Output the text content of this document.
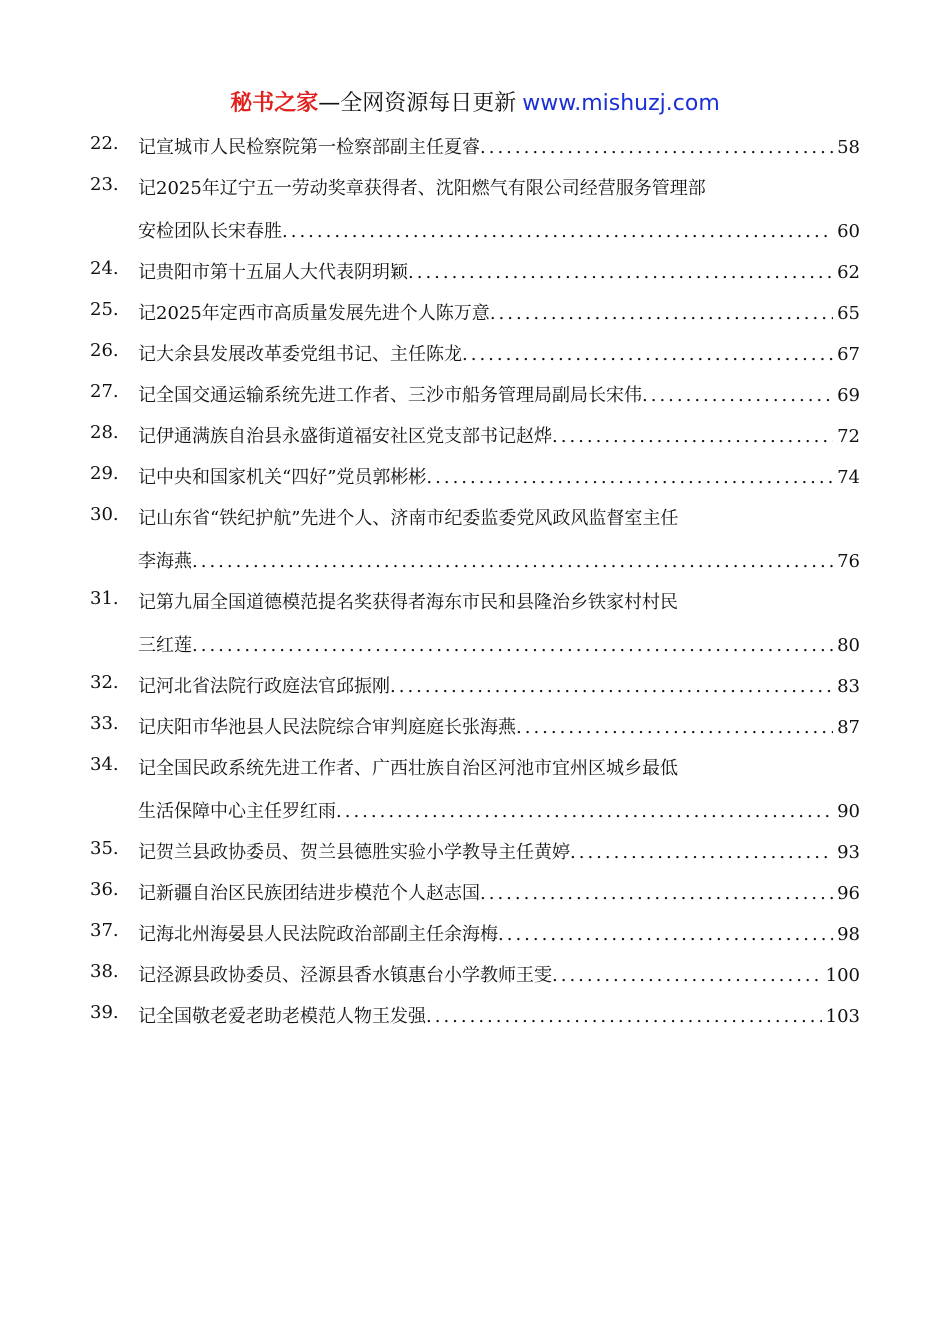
秘书之家—全网资源每日更新 www.mishuzj.com
22.	记宣城市人民检察院第一检察部副主任夏睿 .....	58
23.	记2025年辽宁五一劳动奖章获得者、沈阳燃气有限公司经营服务管理部
安检团队长宋春胜 .....	60
24.	记贵阳市第十五届人大代表阴玥颖 .....	62
25.	记2025年定西市高质量发展先进个人陈万意 .....	65
26.	记大余县发展改革委党组书记、主任陈龙 .....	67
27.	记全国交通运输系统先进工作者、三沙市船务管理局副局长宋伟 .....	69
28.	记伊通满族自治县永盛街道福安社区党支部书记赵烨 .....	72
29.	记中央和国家机关“四好”党员郭彬彬 .....	74
30.	记山东省“铁纪护航”先进个人、济南市纪委监委党风政风监督室主任
李海燕 .....	76
31.	记第九届全国道德模范提名奖获得者海东市民和县隆治乡铁家村村民
三红莲 .....	80
32.	记河北省法院行政庭法官邱振刚 .....	83
33.	记庆阳市华池县人民法院综合审判庭庭长张海燕 .....	87
34.	记全国民政系统先进工作者、广西壮族自治区河池市宜州区城乡最低
生活保障中心主任罗红雨 .....	90
35.	记贺兰县政协委员、贺兰县德胜实验小学教导主任黄婷 .....	93
36.	记新疆自治区民族团结进步模范个人赵志国 .....	96
37.	记海北州海晏县人民法院政治部副主任余海梅 .....	98
38.	记泾源县政协委员、泾源县香水镇惠台小学教师王雯 .....	100
39.	记全国敬老爱老助老模范人物王发强 .....	103
